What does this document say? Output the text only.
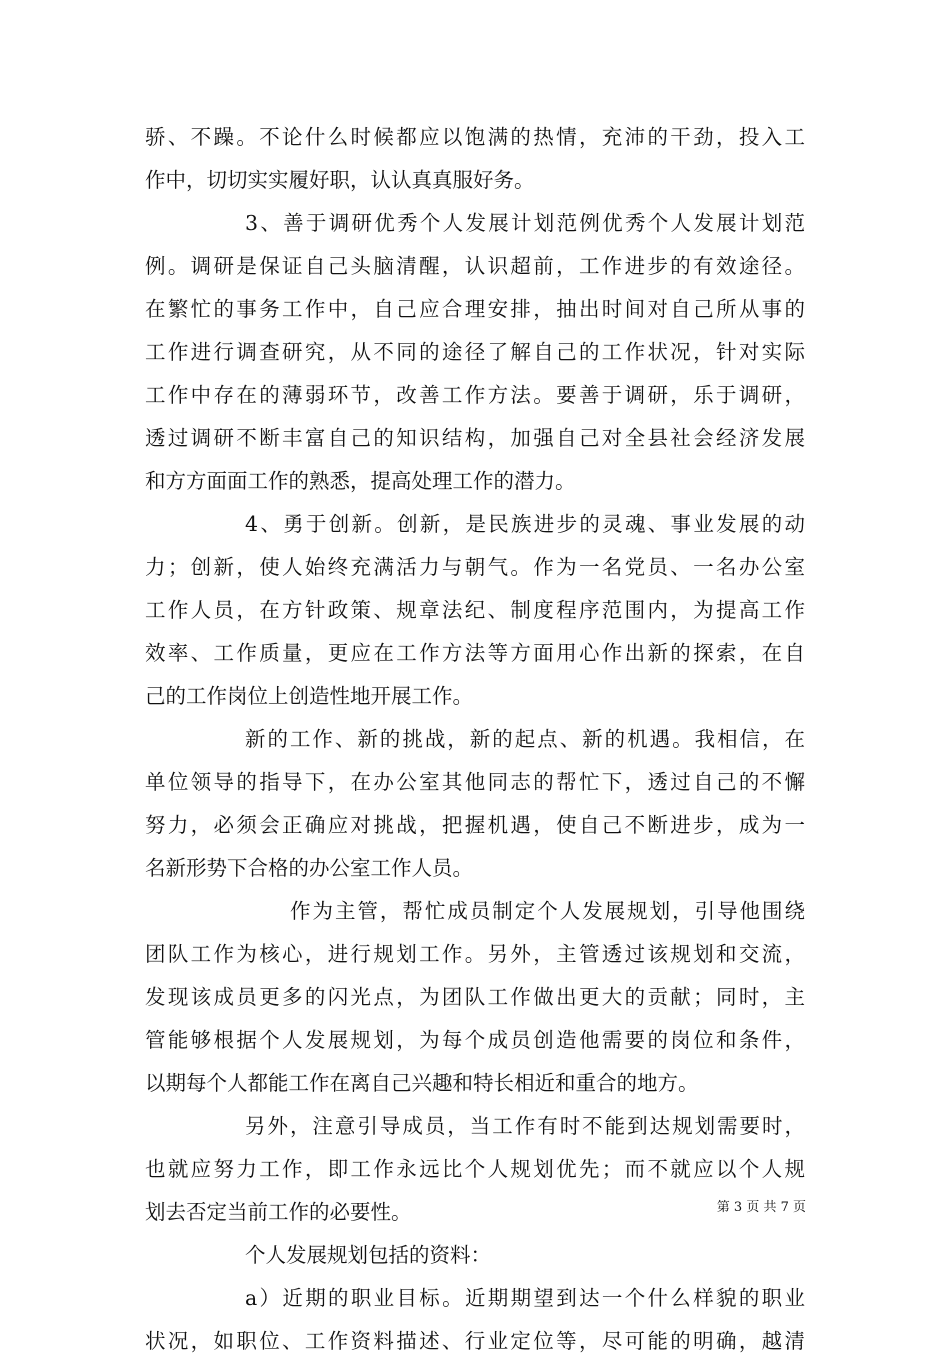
骄、不躁。不论什么时候都应以饱满的热情，充沛的干劲，投入工
作中，切切实实履好职，认认真真服好务。
3、善于调研优秀个人发展计划范例优秀个人发展计划范
例。调研是保证自己头脑清醒，认识超前，工作进步的有效途径。
在繁忙的事务工作中，自己应合理安排，抽出时间对自己所从事的
工作进行调查研究，从不同的途径了解自己的工作状况，针对实际
工作中存在的薄弱环节，改善工作方法。要善于调研，乐于调研，
透过调研不断丰富自己的知识结构，加强自己对全县社会经济发展
和方方面面工作的熟悉，提高处理工作的潜力。
4、勇于创新。创新，是民族进步的灵魂、事业发展的动
力；创新，使人始终充满活力与朝气。作为一名党员、一名办公室
工作人员，在方针政策、规章法纪、制度程序范围内，为提高工作
效率、工作质量，更应在工作方法等方面用心作出新的探索，在自
己的工作岗位上创造性地开展工作。
新的工作、新的挑战，新的起点、新的机遇。我相信，在
单位领导的指导下，在办公室其他同志的帮忙下，透过自己的不懈
努力，必须会正确应对挑战，把握机遇，使自己不断进步，成为一
名新形势下合格的办公室工作人员。
作为主管，帮忙成员制定个人发展规划，引导他围绕
团队工作为核心，进行规划工作。另外，主管透过该规划和交流，
发现该成员更多的闪光点，为团队工作做出更大的贡献；同时，主
管能够根据个人发展规划，为每个成员创造他需要的岗位和条件，
以期每个人都能工作在离自己兴趣和特长相近和重合的地方。
另外，注意引导成员，当工作有时不能到达规划需要时，
也就应努力工作，即工作永远比个人规划优先；而不就应以个人规
划去否定当前工作的必要性。
个人发展规划包括的资料：
a）近期的职业目标。近期期望到达一个什么样貌的职业
状况，如职位、工作资料描述、行业定位等，尽可能的明确，越清
第 3 页 共 7 页
